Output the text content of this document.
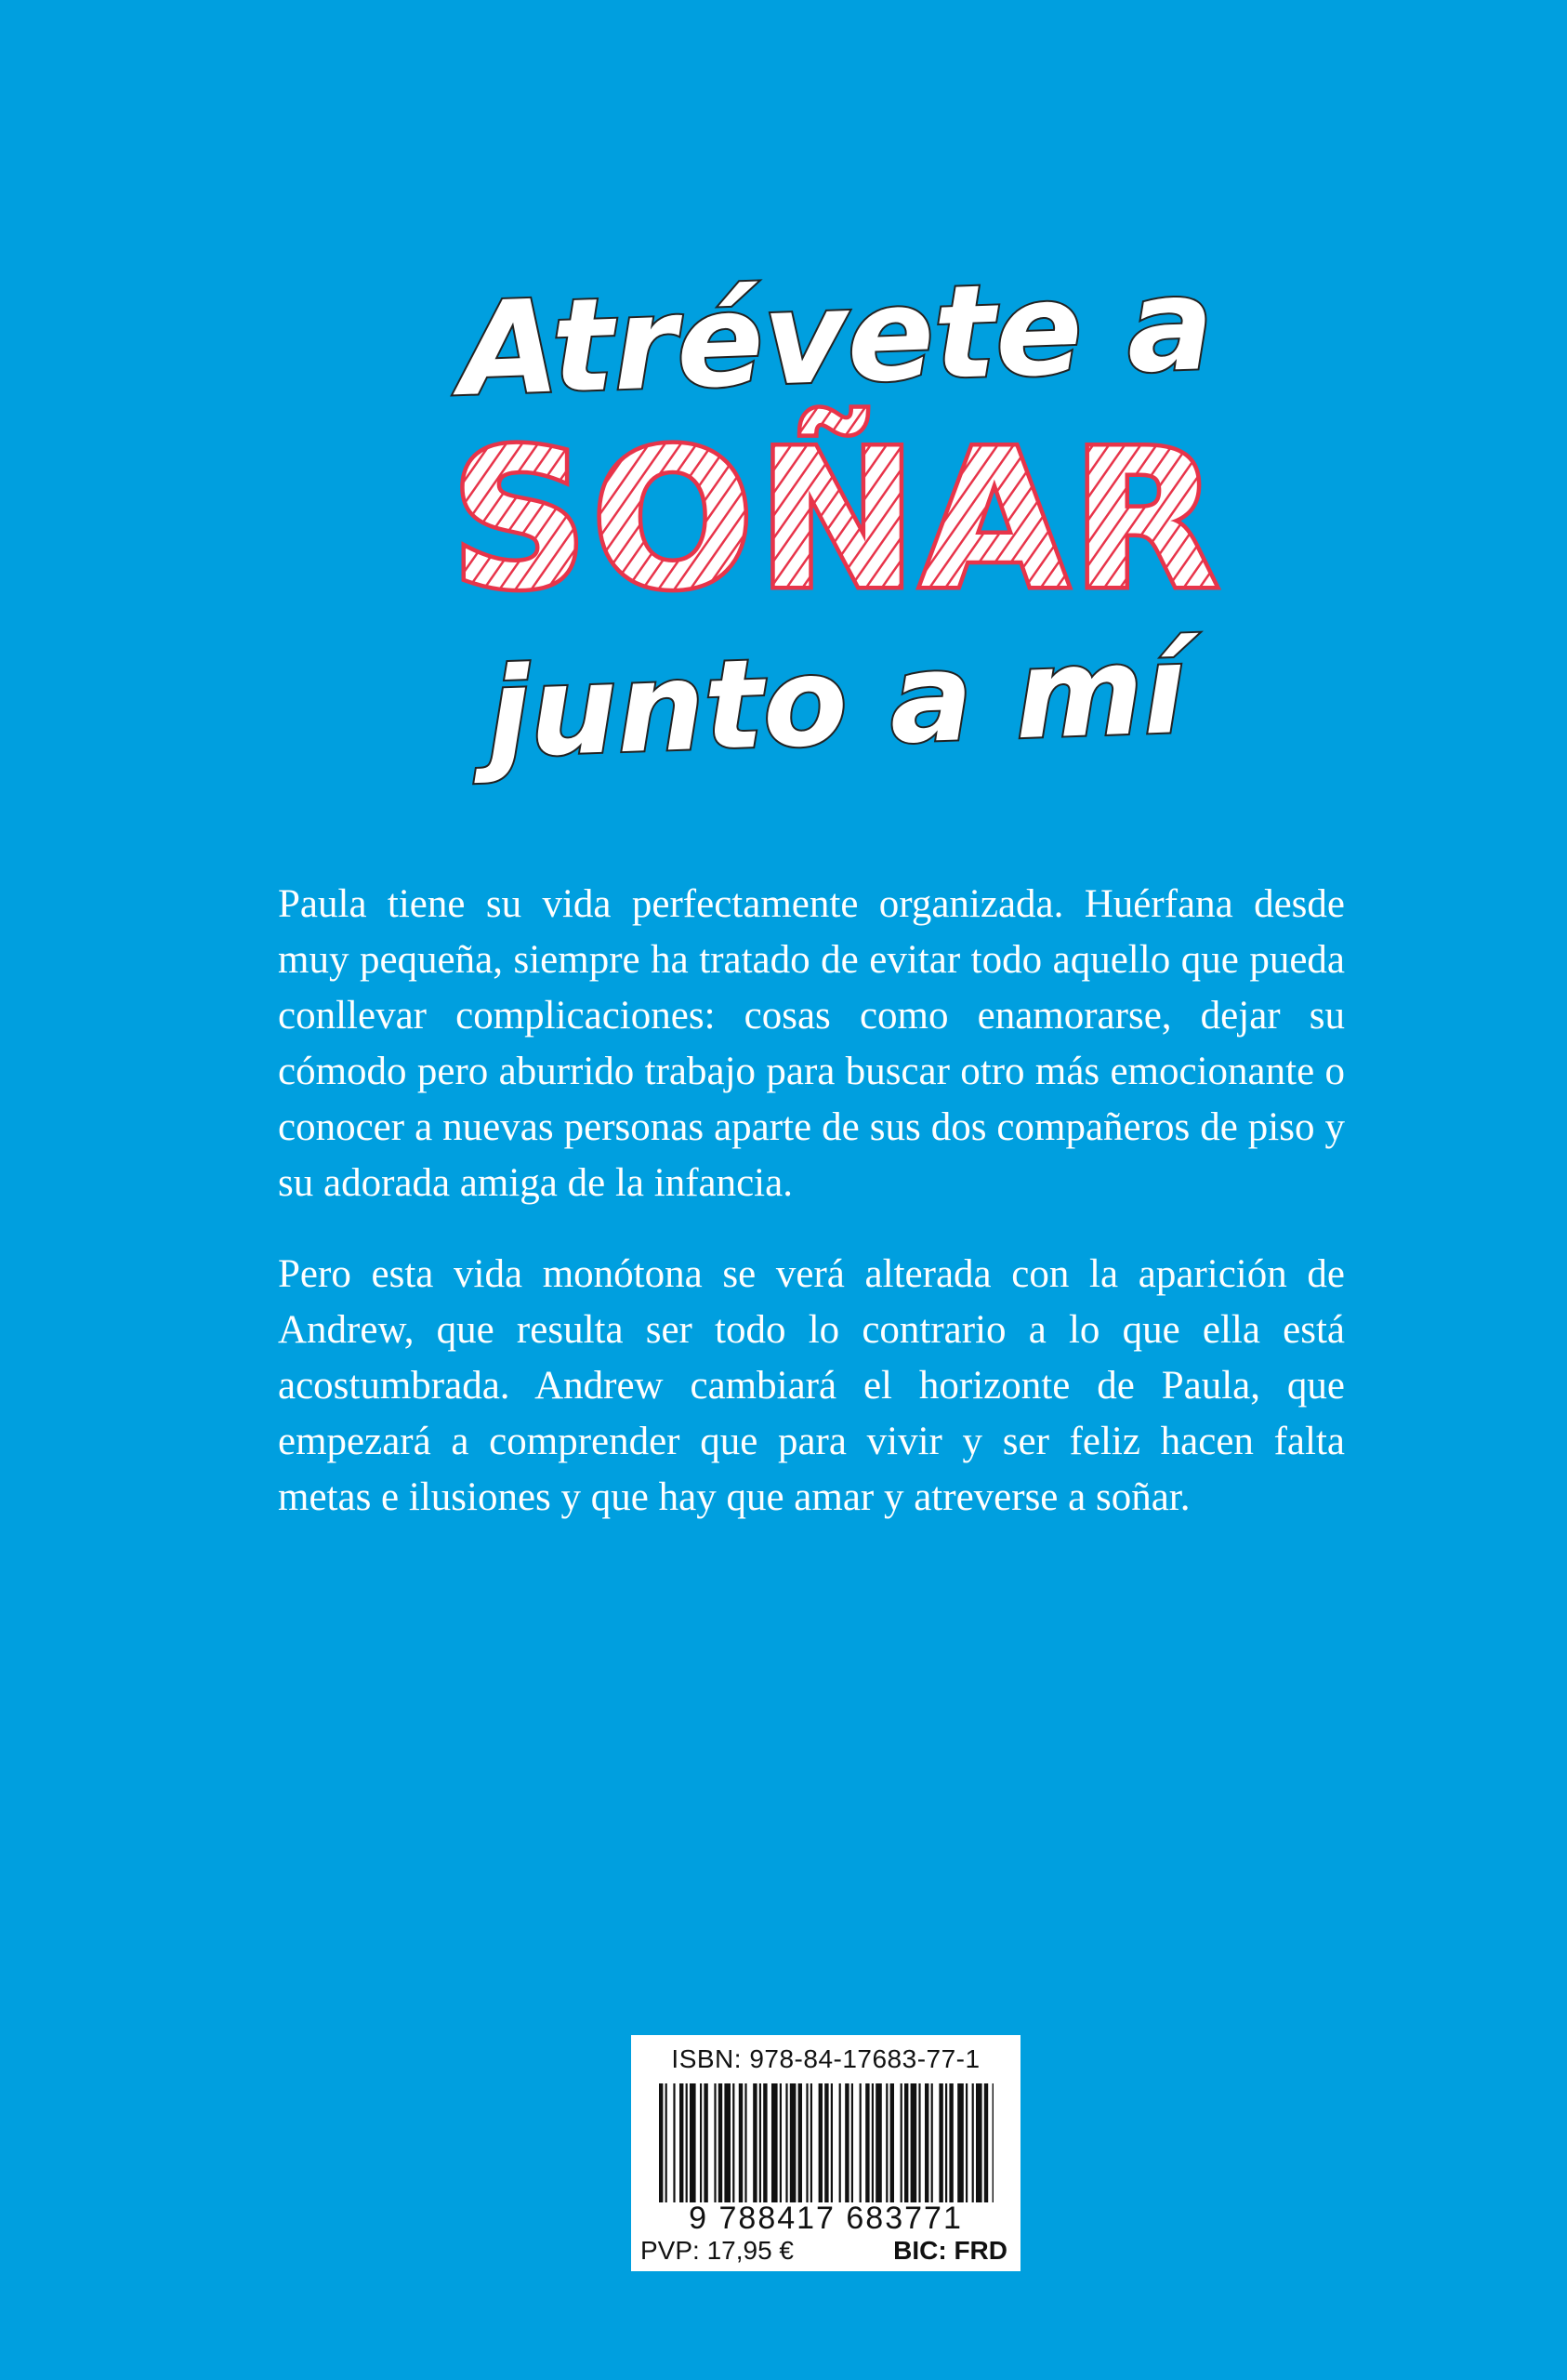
Atrévete a
SOÑAR
junto a mí

Paula tiene su vida perfectamente organizada. Huérfana desde muy pequeña, siempre ha tratado de evitar todo aquello que pueda conllevar complicaciones: cosas como enamorarse, dejar su cómodo pero aburrido trabajo para buscar otro más emocionante o conocer a nuevas personas aparte de sus dos compañeros de piso y su adorada amiga de la infancia.

Pero esta vida monótona se verá alterada con la aparición de Andrew, que resulta ser todo lo contrario a lo que ella está acostumbrada. Andrew cambiará el horizonte de Paula, que empezará a comprender que para vivir y ser feliz hacen falta metas e ilusiones y que hay que amar y atreverse a soñar.

ISBN: 978-84-17683-77-1
9 788417 683771
PVP: 17,95 €	BIC: FRD
